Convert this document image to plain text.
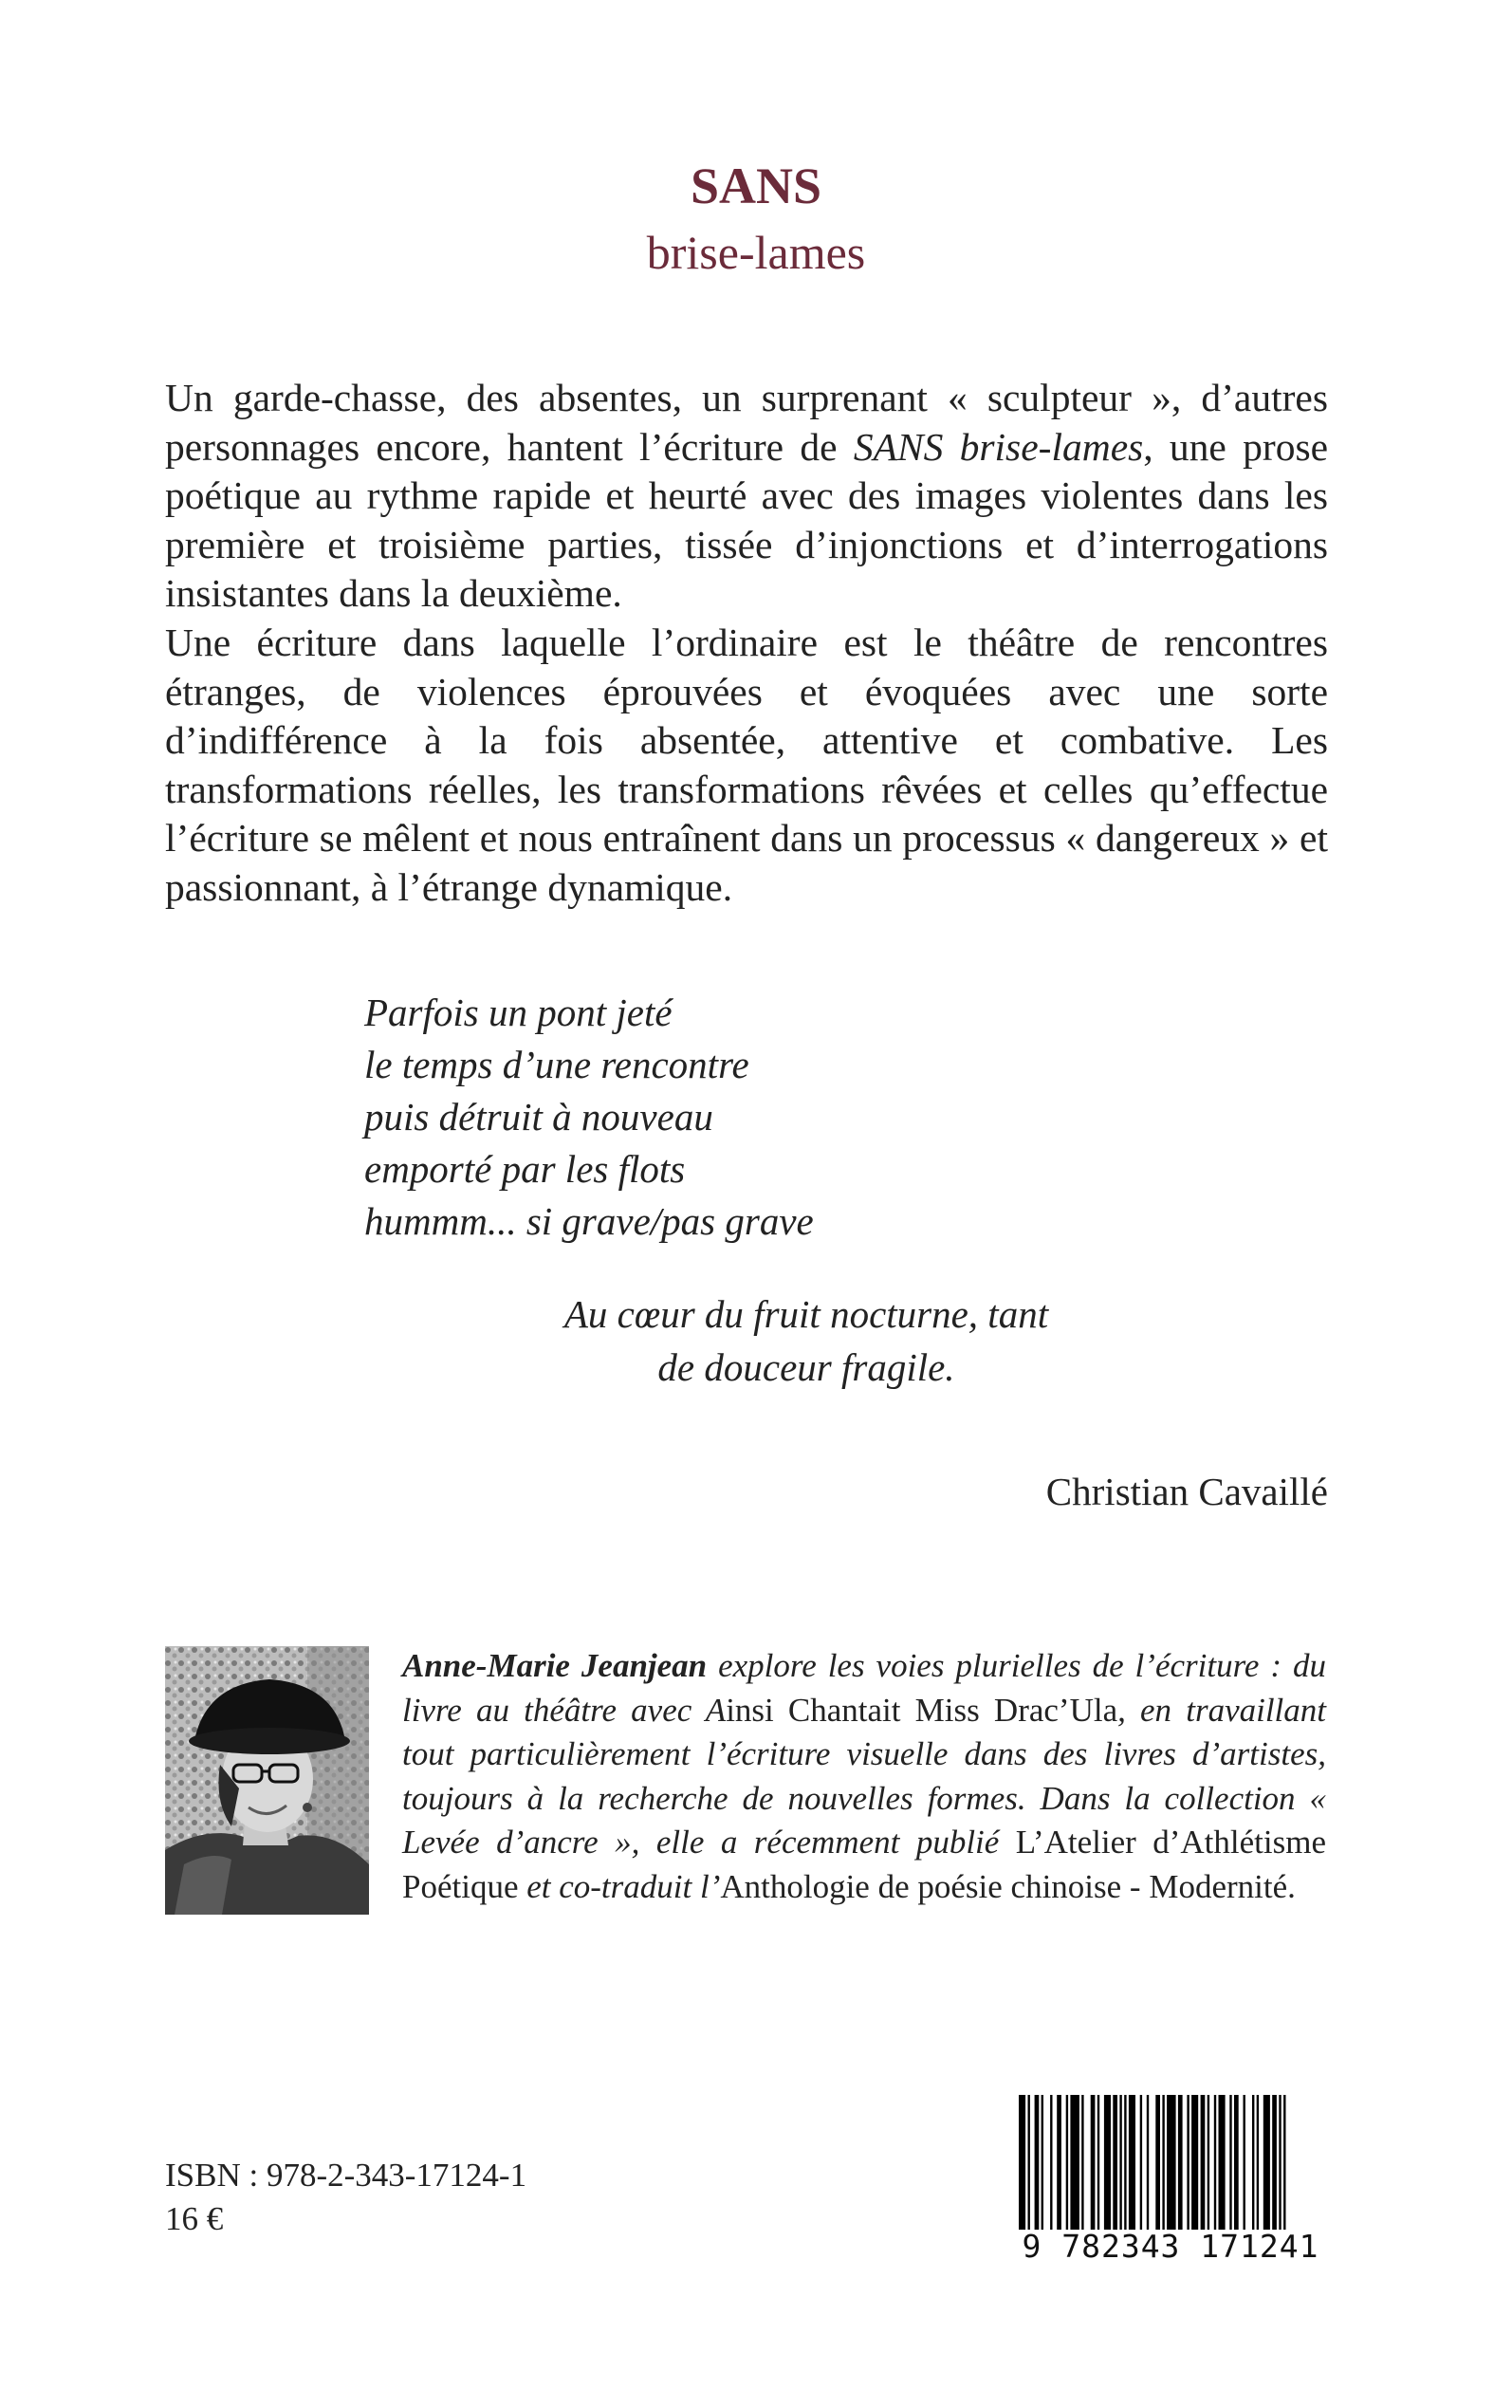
SANS
brise-lames

Un garde-chasse, des absentes, un surprenant « sculpteur », d’autres personnages encore, hantent l’écriture de SANS brise-lames, une prose poétique au rythme rapide et heurté avec des images violentes dans les première et troisième parties, tissée d’injonctions et d’interrogations insistantes dans la deuxième.

Une écriture dans laquelle l’ordinaire est le théâtre de rencontres étranges, de violences éprouvées et évoquées avec une sorte d’indifférence à la fois absentée, attentive et combative. Les transformations réelles, les transformations rêvées et celles qu’effectue l’écriture se mêlent et nous entraînent dans un processus « dangereux » et passionnant, à l’étrange dynamique.

Parfois un pont jeté
le temps d’une rencontre
puis détruit à nouveau
emporté par les flots
hummm... si grave/pas grave
Au cœur du fruit nocturne, tant
de douceur fragile.
Christian Cavaillé
Anne-Marie Jeanjean explore les voies plurielles de l’écriture : du livre au théâtre avec Ainsi Chantait Miss Drac’Ula, en travaillant tout particulièrement l’écriture visuelle dans des livres d’artistes, toujours à la recherche de nouvelles formes. Dans la collection « Levée d’ancre », elle a récemment publié L’Atelier d’Athlétisme Poétique et co-traduit l’Anthologie de poésie chinoise - Modernité.
ISBN : 978-2-343-17124-1
16 €
9 782343 171241
